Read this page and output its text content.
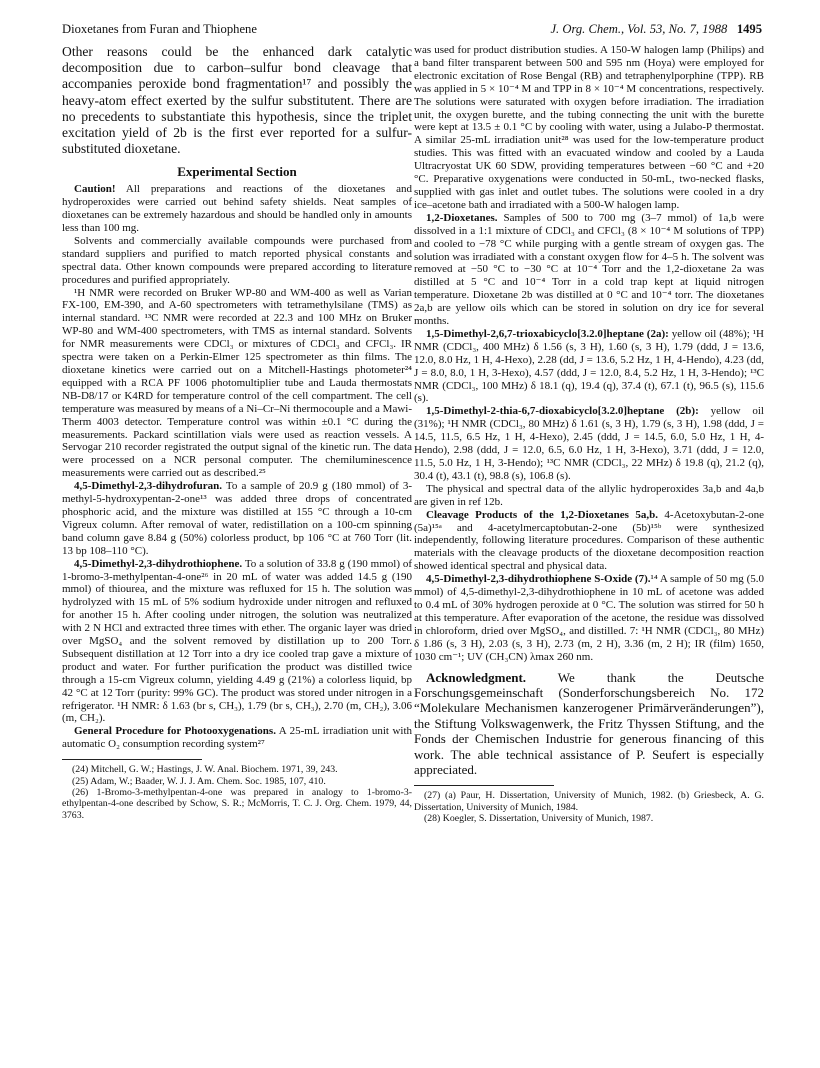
Dioxetanes from Furan and Thiophene	J. Org. Chem., Vol. 53, No. 7, 1988 1495

Other reasons could be the enhanced dark catalytic decomposition due to carbon–sulfur bond cleavage that accompanies peroxide bond fragmentation¹⁷ and possibly the heavy-atom effect exerted by the sulfur substitutent. There are no precedents to substantiate this hypothesis, since the triplet excitation yield of 2b is the first ever reported for a sulfur-substituted dioxetane.

Experimental Section

Caution! All preparations and reactions of the dioxetanes and hydroperoxides were carried out behind safety shields. Neat samples of dioxetanes can be extremely hazardous and should be handled only in amounts less than 100 mg.

Solvents and commercially available compounds were purchased from standard suppliers and purified to match reported physical constants and spectral data. Other known compounds were prepared according to literature procedures and purified appropriately.

¹H NMR were recorded on Bruker WP-80 and WM-400 as well as Varian FX-100, EM-390, and A-60 spectrometers with tetramethylsilane (TMS) as internal standard. ¹³C NMR were recorded at 22.3 and 100 MHz on Bruker WP-80 and WM-400 spectrometers, with TMS as internal standard. Solvents for NMR measurements were CDCl₃ or mixtures of CDCl₃ and CFCl₃. IR spectra were taken on a Perkin-Elmer 125 spectrometer as thin films. The dioxetane kinetics were carried out on a Mitchell-Hastings photometer²⁴ equipped with a RCA PF 1006 photomultiplier tube and Lauda thermostats NB-D8/17 or K4RD for temperature control of the cell compartment. The cell temperature was measured by means of a Ni–Cr–Ni thermocouple and a Mawi-Therm 4003 detector. Temperature control was within ±0.1 °C during the measurements. Packard scintillation vials were used as reaction vessels. A Servogar 210 recorder registrated the output signal of the kinetic run. The data were processed on a NCR personal computer. The chemiluminescence measurements were carried out as described.²⁵

4,5-Dimethyl-2,3-dihydrofuran. To a sample of 20.9 g (180 mmol) of 3-methyl-5-hydroxypentan-2-one¹³ was added three drops of concentrated phosphoric acid, and the mixture was distilled at 155 °C through a 10-cm Vigreux column. After removal of water, redistillation on a 100-cm spinning band column gave 8.84 g (50%) colorless product, bp 106 °C at 760 Torr (lit. 13 bp 108–110 °C).

4,5-Dimethyl-2,3-dihydrothiophene. To a solution of 33.8 g (190 mmol) of 1-bromo-3-methylpentan-4-one²⁶ in 20 mL of water was added 14.5 g (190 mmol) of thiourea, and the mixture was refluxed for 15 h. The solution was hydrolyzed with 15 mL of 5% sodium hydroxide under nitrogen and refluxed for another 15 h. After cooling under nitrogen, the solution was neutralized with 2 N HCl and extracted three times with ether. The organic layer was dried over MgSO₄ and the solvent removed by distillation up to 200 Torr. Subsequent distillation at 12 Torr into a dry ice cooled trap gave a mixture of product and water. For further purification the product was distilled twice through a 15-cm Vigreux column, yielding 4.49 g (21%) a colorless liquid, bp 42 °C at 12 Torr (purity: 99% GC). The product was stored under nitrogen in a refrigerator. ¹H NMR: δ 1.63 (br s, CH₃), 1.79 (br s, CH₃), 2.70 (m, CH₂), 3.06 (m, CH₂).

General Procedure for Photooxygenations. A 25-mL irradiation unit with automatic O₂ consumption recording system²⁷

(24) Mitchell, G. W.; Hastings, J. W. Anal. Biochem. 1971, 39, 243.

(25) Adam, W.; Baader, W. J. J. Am. Chem. Soc. 1985, 107, 410.

(26) 1-Bromo-3-methylpentan-4-one was prepared in analogy to 1-bromo-3-ethylpentan-4-one described by Schow, S. R.; McMorris, T. C. J. Org. Chem. 1979, 44, 3763.

was used for product distribution studies. A 150-W halogen lamp (Philips) and a band filter transparent between 500 and 595 nm (Hoya) were employed for electronic excitation of Rose Bengal (RB) and tetraphenylporphine (TPP). RB was applied in 5 × 10⁻⁴ M and TPP in 8 × 10⁻⁴ M concentrations, respectively. The solutions were saturated with oxygen before irradiation. The irradiation unit, the oxygen burette, and the tubing connecting the unit with the burette were kept at 13.5 ± 0.1 °C by cooling with water, using a Julabo-P thermostat. A similar 25-mL irradiation unit²⁸ was used for the low-temperature product studies. This was fitted with an evacuated window and cooled by a Lauda Ultracryostat UK 60 SDW, providing temperatures between −60 °C and +20 °C. Preparative oxygenations were conducted in 50-mL, two-necked flasks, supplied with gas inlet and outlet tubes. The solutions were cooled in a dry ice–acetone bath and irradiated with a 500-W halogen lamp.

1,2-Dioxetanes. Samples of 500 to 700 mg (3–7 mmol) of 1a,b were dissolved in a 1:1 mixture of CDCl₃ and CFCl₃ (8 × 10⁻⁴ M solutions of TPP) and cooled to −78 °C while purging with a gentle stream of oxygen gas. The solution was irradiated with a constant oxygen flow for 4–5 h. The solvent was removed at −50 °C to −30 °C at 10⁻⁴ Torr and the 1,2-dioxetane 2a was distilled at 5 °C and 10⁻⁴ Torr in a cold trap kept at liquid nitrogen temperature. Dioxetane 2b was distilled at 0 °C and 10⁻⁴ torr. The dioxetanes 2a,b are yellow oils which can be stored in solution on dry ice for several months.

1,5-Dimethyl-2,6,7-trioxabicyclo[3.2.0]heptane (2a): yellow oil (48%); ¹H NMR (CDCl₃, 400 MHz) δ 1.56 (s, 3 H), 1.60 (s, 3 H), 1.79 (ddd, J = 13.6, 12.0, 8.0 Hz, 1 H, 4-Hexo), 2.28 (dd, J = 13.6, 5.2 Hz, 1 H, 4-Hendo), 4.23 (dd, J = 8.0, 8.0, 1 H, 3-Hexo), 4.57 (ddd, J = 12.0, 8.4, 5.2 Hz, 1 H, 3-Hendo); ¹³C NMR (CDCl₃, 100 MHz) δ 18.1 (q), 19.4 (q), 37.4 (t), 67.1 (t), 96.5 (s), 115.6 (s).

1,5-Dimethyl-2-thia-6,7-dioxabicyclo[3.2.0]heptane (2b): yellow oil (31%); ¹H NMR (CDCl₃, 80 MHz) δ 1.61 (s, 3 H), 1.79 (s, 3 H), 1.98 (ddd, J = 14.5, 11.5, 6.5 Hz, 1 H, 4-Hexo), 2.45 (ddd, J = 14.5, 6.0, 5.0 Hz, 1 H, 4-Hendo), 2.98 (ddd, J = 12.0, 6.5, 6.0 Hz, 1 H, 3-Hexo), 3.71 (ddd, J = 12.0, 11.5, 5.0 Hz, 1 H, 3-Hendo); ¹³C NMR (CDCl₃, 22 MHz) δ 19.8 (q), 21.2 (q), 30.4 (t), 43.1 (t), 98.8 (s), 106.8 (s).

The physical and spectral data of the allylic hydroperoxides 3a,b and 4a,b are given in ref 12b.

Cleavage Products of the 1,2-Dioxetanes 5a,b. 4-Acetoxybutan-2-one (5a)¹⁵ᵃ and 4-acetylmercaptobutan-2-one (5b)¹⁵ᵇ were synthesized independently, following literature procedures. Comparison of these authentic materials with the cleavage products of the dioxetane decomposition reaction showed identical spectral and physical data.

4,5-Dimethyl-2,3-dihydrothiophene S-Oxide (7).¹⁴ A sample of 50 mg (5.0 mmol) of 4,5-dimethyl-2,3-dihydrothiophene in 10 mL of acetone was added to 0.4 mL of 30% hydrogen peroxide at 0 °C. The solution was stirred for 50 h at this temperature. After evaporation of the acetone, the residue was dissolved in chloroform, dried over MgSO₄, and distilled. 7: ¹H NMR (CDCl₃, 80 MHz) δ 1.86 (s, 3 H), 2.03 (s, 3 H), 2.73 (m, 2 H), 3.36 (m, 2 H); IR (film) 1650, 1030 cm⁻¹; UV (CH₃CN) λmax 260 nm.

Acknowledgment. We thank the Deutsche Forschungsgemeinschaft (Sonderforschungsbereich No. 172 “Molekulare Mechanismen kanzerogener Primärveränderungen”), the Stiftung Volkswagenwerk, the Fritz Thyssen Stiftung, and the Fonds der Chemischen Industrie for generous financing of this work. The able technical assistance of P. Seufert is especially appreciated.

(27) (a) Paur, H. Dissertation, University of Munich, 1982. (b) Griesbeck, A. G. Dissertation, University of Munich, 1984.

(28) Koegler, S. Dissertation, University of Munich, 1987.
